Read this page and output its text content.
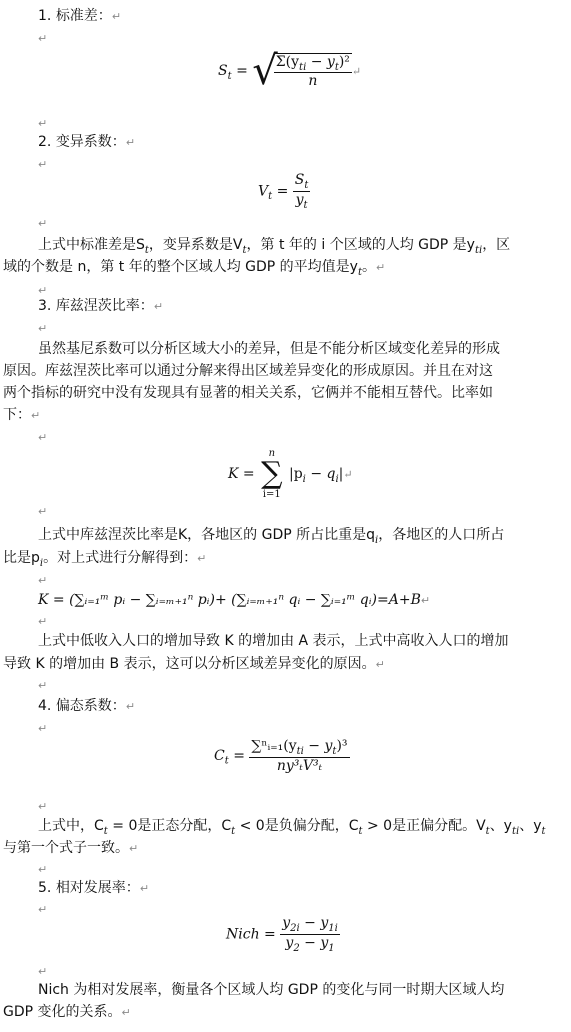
1. 标准差：↵
↵
$S_t$ = √
$\frac{\Sigma(y_{ti} - y_t)^2}{n}$ ↵
↵
2. 变异系数：↵
↵
$V_t = \frac{S_t}{y_t}$
↵
上式中标准差是$S_t$，变异系数是$V_t$，第 t 年的 i 个区域的人均 GDP 是$y_{ti}$，区
域的个数是 n，第 t 年的整个区域人均 GDP 的平均值是$y_t$。↵
↵
3. 库兹涅茨比率：↵
↵
虽然基尼系数可以分析区域大小的差异，但是不能分析区域变化差异的形成
原因。库兹涅茨比率可以通过分解来得出区域差异变化的形成原因。并且在对这
两个指标的研究中没有发现具有显著的相关关系，它俩并不能相互替代。比率如
下：↵
↵
K =
n
∑
i=1
$|p_i$ − $q_i|↵$
↵
上式中库兹涅茨比率是K，各地区的 GDP 所占比重是$q_i$，各地区的人口所占
比是$p_i$。对上式进行分解得到：↵
↵
K = (∑ᵢ₌₁ᵐ pᵢ − ∑ᵢ₌ₘ₊₁ⁿ pᵢ)+ (∑ᵢ₌ₘ₊₁ⁿ qᵢ − ∑ᵢ₌₁ᵐ qᵢ)=A+B↵
↵
上式中低收入人口的增加导致 K 的增加由 A 表示，上式中高收入人口的增加
导致 K 的增加由 B 表示，这可以分析区域差异变化的原因。↵
↵
4. 偏态系数：↵
↵
$C_t = \frac{\sum^nᵢ_{=1}(y_{ti} - y_t)^3}{\text{ny³ₜV³ₜ}}$
↵
上式中，$C_t = 0$是正态分配，$C_t < 0$是负偏分配，$C_t > 0$是正偏分配。$V_t$、$y_{ti}$、$y_t$
与第一个式子一致。↵
↵
5. 相对发展率：↵
↵
Nich = $\frac{y_{2i} - y_{1i}}{y_2 - y_1}$
↵
Nich 为相对发展率，衡量各个区域人均 GDP 的变化与同一时期大区域人均
GDP 变化的关系。↵
